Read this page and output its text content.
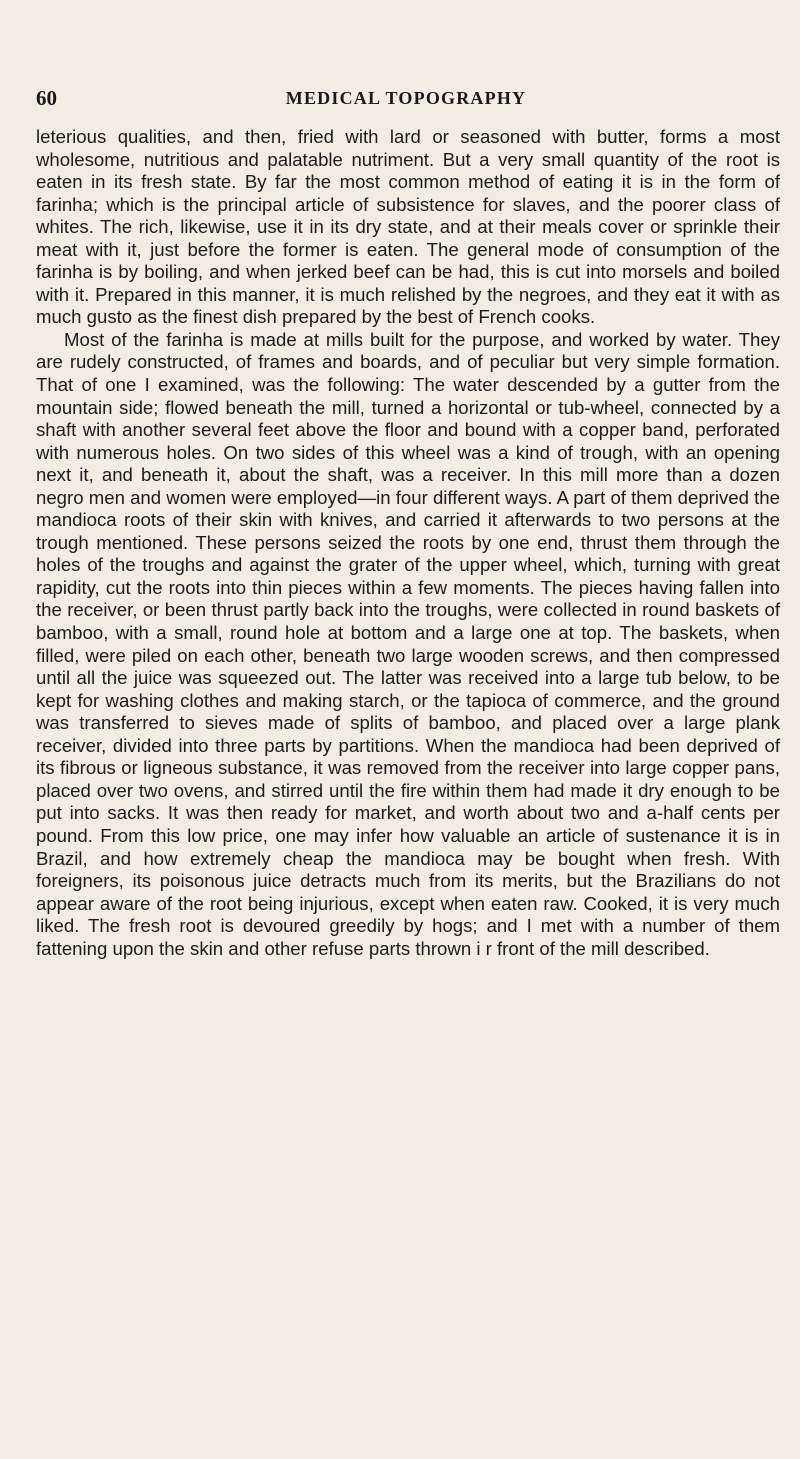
60	MEDICAL TOPOGRAPHY

leterious qualities, and then, fried with lard or seasoned with butter, forms a most wholesome, nutritious and palatable nutriment. But a very small quantity of the root is eaten in its fresh state. By far the most common method of eating it is in the form of farinha; which is the principal article of subsistence for slaves, and the poorer class of whites. The rich, likewise, use it in its dry state, and at their meals cover or sprinkle their meat with it, just before the former is eaten. The general mode of consumption of the farinha is by boiling, and when jerked beef can be had, this is cut into morsels and boiled with it. Prepared in this manner, it is much relished by the negroes, and they eat it with as much gusto as the finest dish prepared by the best of French cooks.

Most of the farinha is made at mills built for the purpose, and worked by water. They are rudely constructed, of frames and boards, and of peculiar but very simple formation. That of one I examined, was the following: The water descended by a gutter from the mountain side; flowed beneath the mill, turned a horizontal or tub-wheel, connected by a shaft with another several feet above the floor and bound with a copper band, perforated with numerous holes. On two sides of this wheel was a kind of trough, with an opening next it, and beneath it, about the shaft, was a receiver. In this mill more than a dozen negro men and women were employed—in four different ways. A part of them deprived the mandioca roots of their skin with knives, and carried it afterwards to two persons at the trough mentioned. These persons seized the roots by one end, thrust them through the holes of the troughs and against the grater of the upper wheel, which, turning with great rapidity, cut the roots into thin pieces within a few moments. The pieces having fallen into the receiver, or been thrust partly back into the troughs, were collected in round baskets of bamboo, with a small, round hole at bottom and a large one at top. The baskets, when filled, were piled on each other, beneath two large wooden screws, and then compressed until all the juice was squeezed out. The latter was received into a large tub below, to be kept for washing clothes and making starch, or the tapioca of commerce, and the ground was transferred to sieves made of splits of bamboo, and placed over a large plank receiver, divided into three parts by partitions. When the mandioca had been deprived of its fibrous or ligneous substance, it was removed from the receiver into large copper pans, placed over two ovens, and stirred until the fire within them had made it dry enough to be put into sacks. It was then ready for market, and worth about two and a-half cents per pound. From this low price, one may infer how valuable an article of sustenance it is in Brazil, and how extremely cheap the mandioca may be bought when fresh. With foreigners, its poisonous juice detracts much from its merits, but the Brazilians do not appear aware of the root being injurious, except when eaten raw. Cooked, it is very much liked. The fresh root is devoured greedily by hogs; and I met with a number of them fattening upon the skin and other refuse parts thrown i r front of the mill described.
